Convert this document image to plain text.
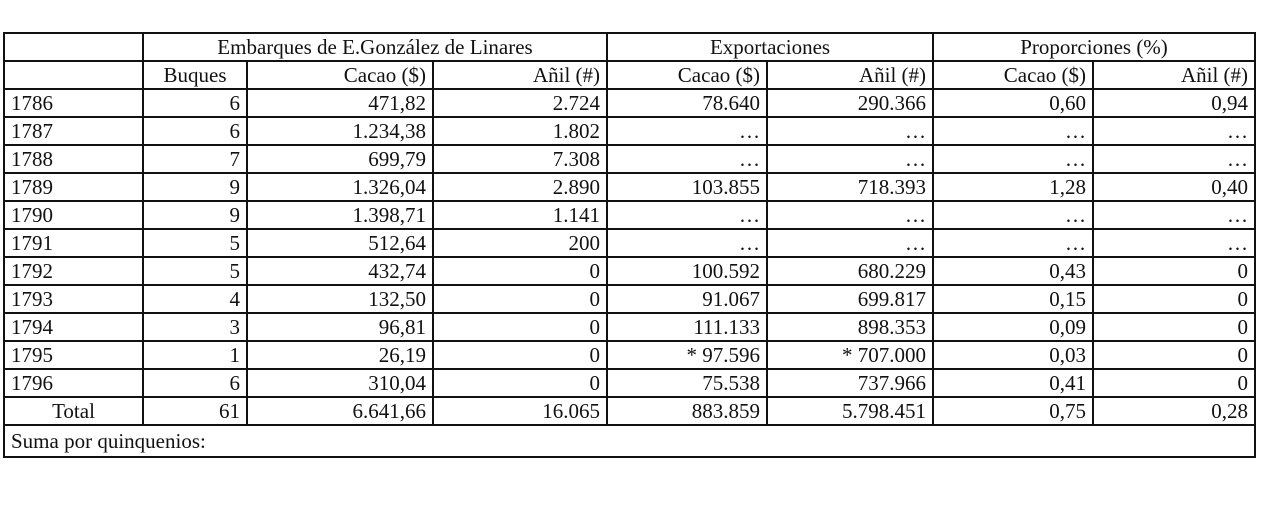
	Embarques de E.González de Linares			Exportaciones		Proporciones (%)	
	Buques	Cacao ($)	Añil (#)	Cacao ($)	Añil (#)	Cacao ($)	Añil (#)
1786	6	471,82	2.724	78.640	290.366	0,60	0,94
1787	6	1.234,38	1.802	…	…	…	…
1788	7	699,79	7.308	…	…	…	…
1789	9	1.326,04	2.890	103.855	718.393	1,28	0,40
1790	9	1.398,71	1.141	…	…	…	…
1791	5	512,64	200	…	…	…	…
1792	5	432,74	0	100.592	680.229	0,43	0
1793	4	132,50	0	91.067	699.817	0,15	0
1794	3	96,81	0	111.133	898.353	0,09	0
1795	1	26,19	0	* 97.596	* 707.000	0,03	0
1796	6	310,04	0	75.538	737.966	0,41	0
Total	61	6.641,66	16.065	883.859	5.798.451	0,75	0,28
Suma por quinquenios:							
